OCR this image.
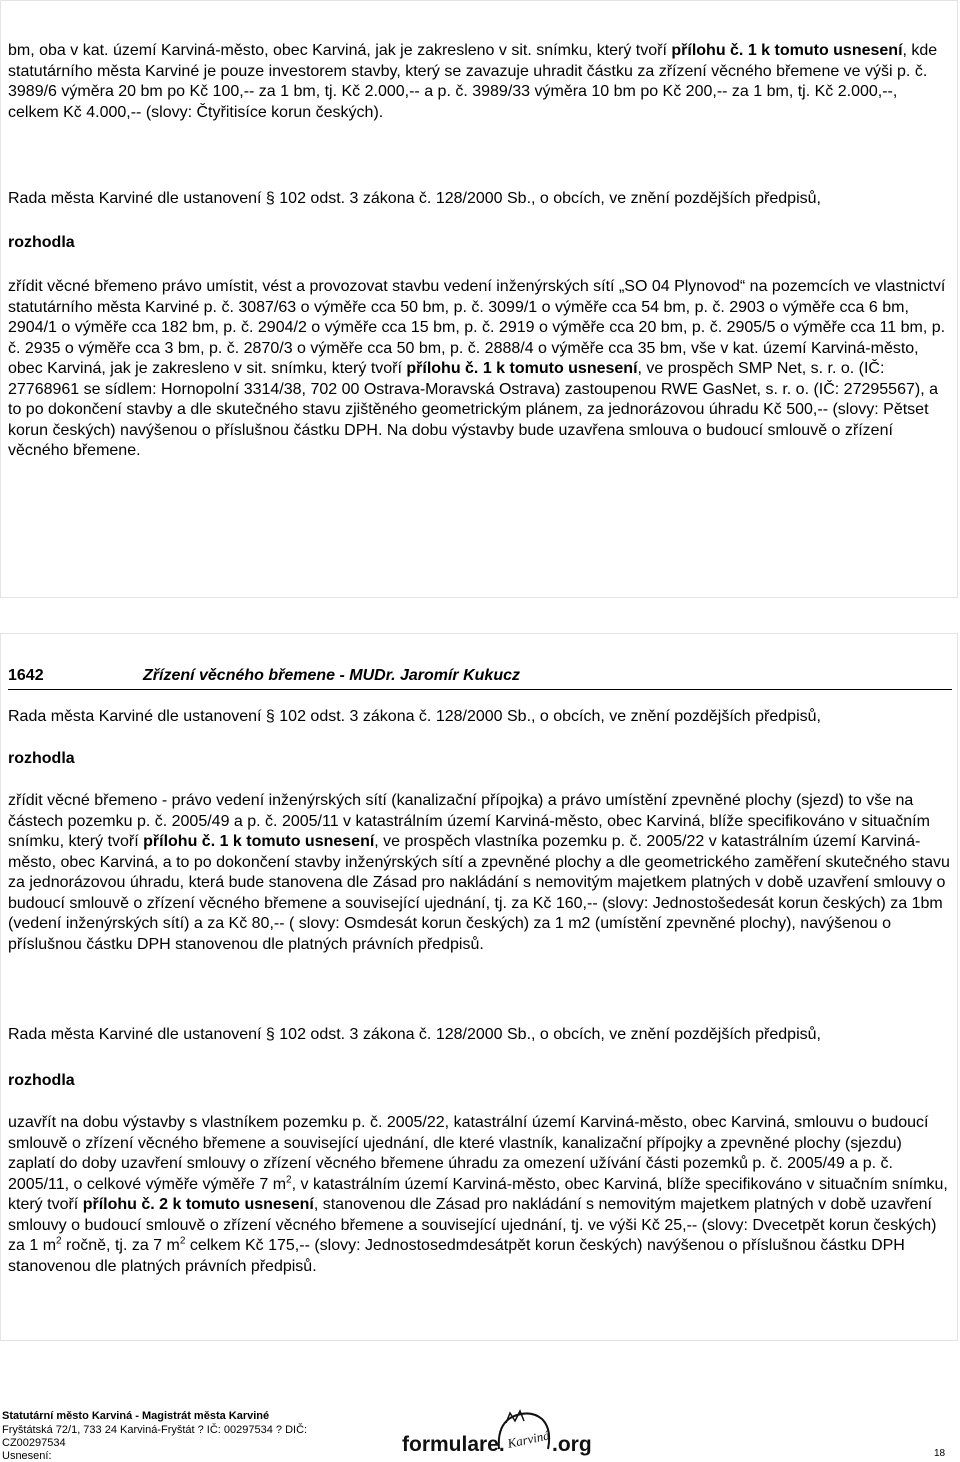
bm, oba v kat. území Karviná-město, obec Karviná, jak je zakresleno v sit. snímku, který tvoří přílohu č. 1 k tomuto usnesení, kde statutárního města Karviné je pouze investorem stavby, který se zavazuje uhradit částku za zřízení věcného břemene ve výši p. č. 3989/6 výměra 20 bm po Kč 100,-- za 1 bm, tj. Kč 2.000,-- a p. č. 3989/33 výměra 10 bm po Kč 200,-- za 1 bm, tj. Kč 2.000,--, celkem Kč 4.000,-- (slovy: Čtyřitisíce korun českých).

Rada města Karviné dle ustanovení § 102 odst. 3 zákona č. 128/2000 Sb., o obcích, ve znění pozdějších předpisů,

rozhodla

zřídit věcné břemeno právo umístit, vést a provozovat stavbu vedení inženýrských sítí „SO 04 Plynovod“ na pozemcích ve vlastnictví statutárního města Karviné p. č. 3087/63 o výměře cca 50 bm, p. č. 3099/1 o výměře cca 54 bm, p. č. 2903 o výměře cca 6 bm, 2904/1 o výměře cca 182 bm, p. č. 2904/2 o výměře cca 15 bm, p. č. 2919 o výměře cca 20 bm, p. č. 2905/5 o výměře cca 11 bm, p. č. 2935 o výměře cca 3 bm, p. č. 2870/3 o výměře cca 50 bm, p. č. 2888/4 o výměře cca 35 bm, vše v kat. území Karviná-město, obec Karviná, jak je zakresleno v sit. snímku, který tvoří přílohu č. 1 k tomuto usnesení, ve prospěch SMP Net, s. r. o. (IČ: 27768961 se sídlem: Hornopolní 3314/38, 702 00 Ostrava-Moravská Ostrava) zastoupenou RWE GasNet, s. r. o. (IČ: 27295567), a to po dokončení stavby a dle skutečného stavu zjištěného geometrickým plánem, za jednorázovou úhradu Kč 500,-- (slovy: Pětset korun českých) navýšenou o příslušnou částku DPH. Na dobu výstavby bude uzavřena smlouva o budoucí smlouvě o zřízení věcného břemene.

1642	Zřízení věcného břemene - MUDr. Jaromír Kukucz

Rada města Karviné dle ustanovení § 102 odst. 3 zákona č. 128/2000 Sb., o obcích, ve znění pozdějších předpisů,

rozhodla

zřídit věcné břemeno - právo vedení inženýrských sítí (kanalizační přípojka) a právo umístění zpevněné plochy (sjezd) to vše na částech pozemku p. č. 2005/49 a p. č. 2005/11 v katastrálním území Karviná-město, obec Karviná, blíže specifikováno v situačním snímku, který tvoří přílohu č. 1 k tomuto usnesení, ve prospěch vlastníka pozemku p. č. 2005/22 v katastrálním území Karviná-město, obec Karviná, a to po dokončení stavby inženýrských sítí a zpevněné plochy a dle geometrického zaměření skutečného stavu za jednorázovou úhradu, která bude stanovena dle Zásad pro nakládání s nemovitým majetkem platných v době uzavření smlouvy o budoucí smlouvě o zřízení věcného břemene a související ujednání, tj. za Kč 160,-- (slovy: Jednostošedesát korun českých) za 1bm (vedení inženýrských sítí) a za Kč 80,-- ( slovy: Osmdesát korun českých) za 1 m2 (umístění zpevněné plochy), navýšenou o příslušnou částku DPH stanovenou dle platných právních předpisů.

Rada města Karviné dle ustanovení § 102 odst. 3 zákona č. 128/2000 Sb., o obcích, ve znění pozdějších předpisů,

rozhodla

uzavřít na dobu výstavby s vlastníkem pozemku p. č. 2005/22, katastrální území Karviná-město, obec Karviná, smlouvu o budoucí smlouvě o zřízení věcného břemene a související ujednání, dle které vlastník, kanalizační přípojky a zpevněné plochy (sjezdu) zaplatí do doby uzavření smlouvy o zřízení věcného břemene úhradu za omezení užívání části pozemků p. č. 2005/49 a p. č. 2005/11, o celkové výměře výměře 7 $m^2$, v katastrálním území Karviná-město, obec Karviná, blíže specifikováno v situačním snímku, který tvoří přílohu č. 2 k tomuto usnesení, stanovenou dle Zásad pro nakládání s nemovitým majetkem platných v době uzavření smlouvy o budoucí smlouvě o zřízení věcného břemene a související ujednání, tj. ve výši Kč 25,-- (slovy: Dvecetpět korun českých) za 1 $m^2$ ročně, tj. za 7 $m^2$ celkem Kč 175,-- (slovy: Jednostosedmdesátpět korun českých) navýšenou o příslušnou částku DPH stanovenou dle platných právních předpisů.

Statutární město Karviná - Magistrát města Karviné
Fryštátská 72/1, 733 24 Karviná-Fryštát ? IČ: 00297534 ? DIČ:
CZ00297534
Usnesení:	formulare. Karviná .org	18
